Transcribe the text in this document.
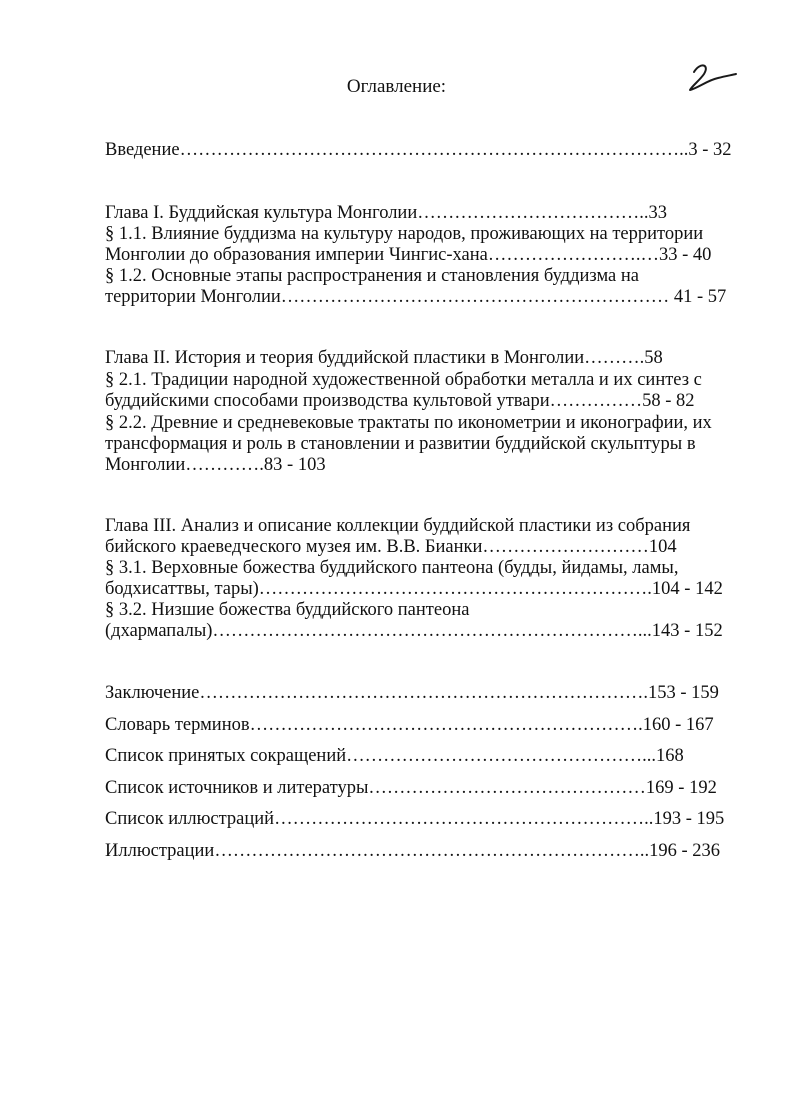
Оглавление:
Введение………………………………………………………………………..3 - 32
Глава I. Буддийская культура Монголии………………………………..33
§ 1.1. Влияние буддизма на культуру народов, проживающих на территории
Монголии до образования империи Чингис-хана…………………….…33 - 40
§ 1.2. Основные этапы распространения и становления буддизма на
территории Монголии……………………………………………………… 41 - 57
Глава II. История и теория буддийской пластики в Монголии……….58
§ 2.1. Традиции народной художественной обработки металла и их синтез с
буддийскими способами производства культовой утвари……………58 - 82
§ 2.2. Древние и средневековые трактаты по иконометрии и иконографии, их
трансформация и роль в становлении и развитии буддийской скульптуры в
Монголии………….83 - 103
Глава III. Анализ и описание коллекции буддийской пластики из собрания
бийского краеведческого музея им. В.В. Бианки………………………104
§ 3.1. Верховные божества буддийского пантеона (будды, йидамы, ламы,
бодхисаттвы, тары)……………………………………………………….104 - 142
§ 3.2. Низшие божества буддийского пантеона
(дхармапалы)……………………………………………………………...143 - 152
Заключение……………………………………………………………….153 - 159
Словарь терминов……………………………………………………….160 - 167
Список принятых сокращений…………………………………………...168
Список источников и литературы………………………………………169 - 192
Список иллюстраций……………………………………………………..193 - 195
Иллюстрации……………………………………………………………..196 - 236
